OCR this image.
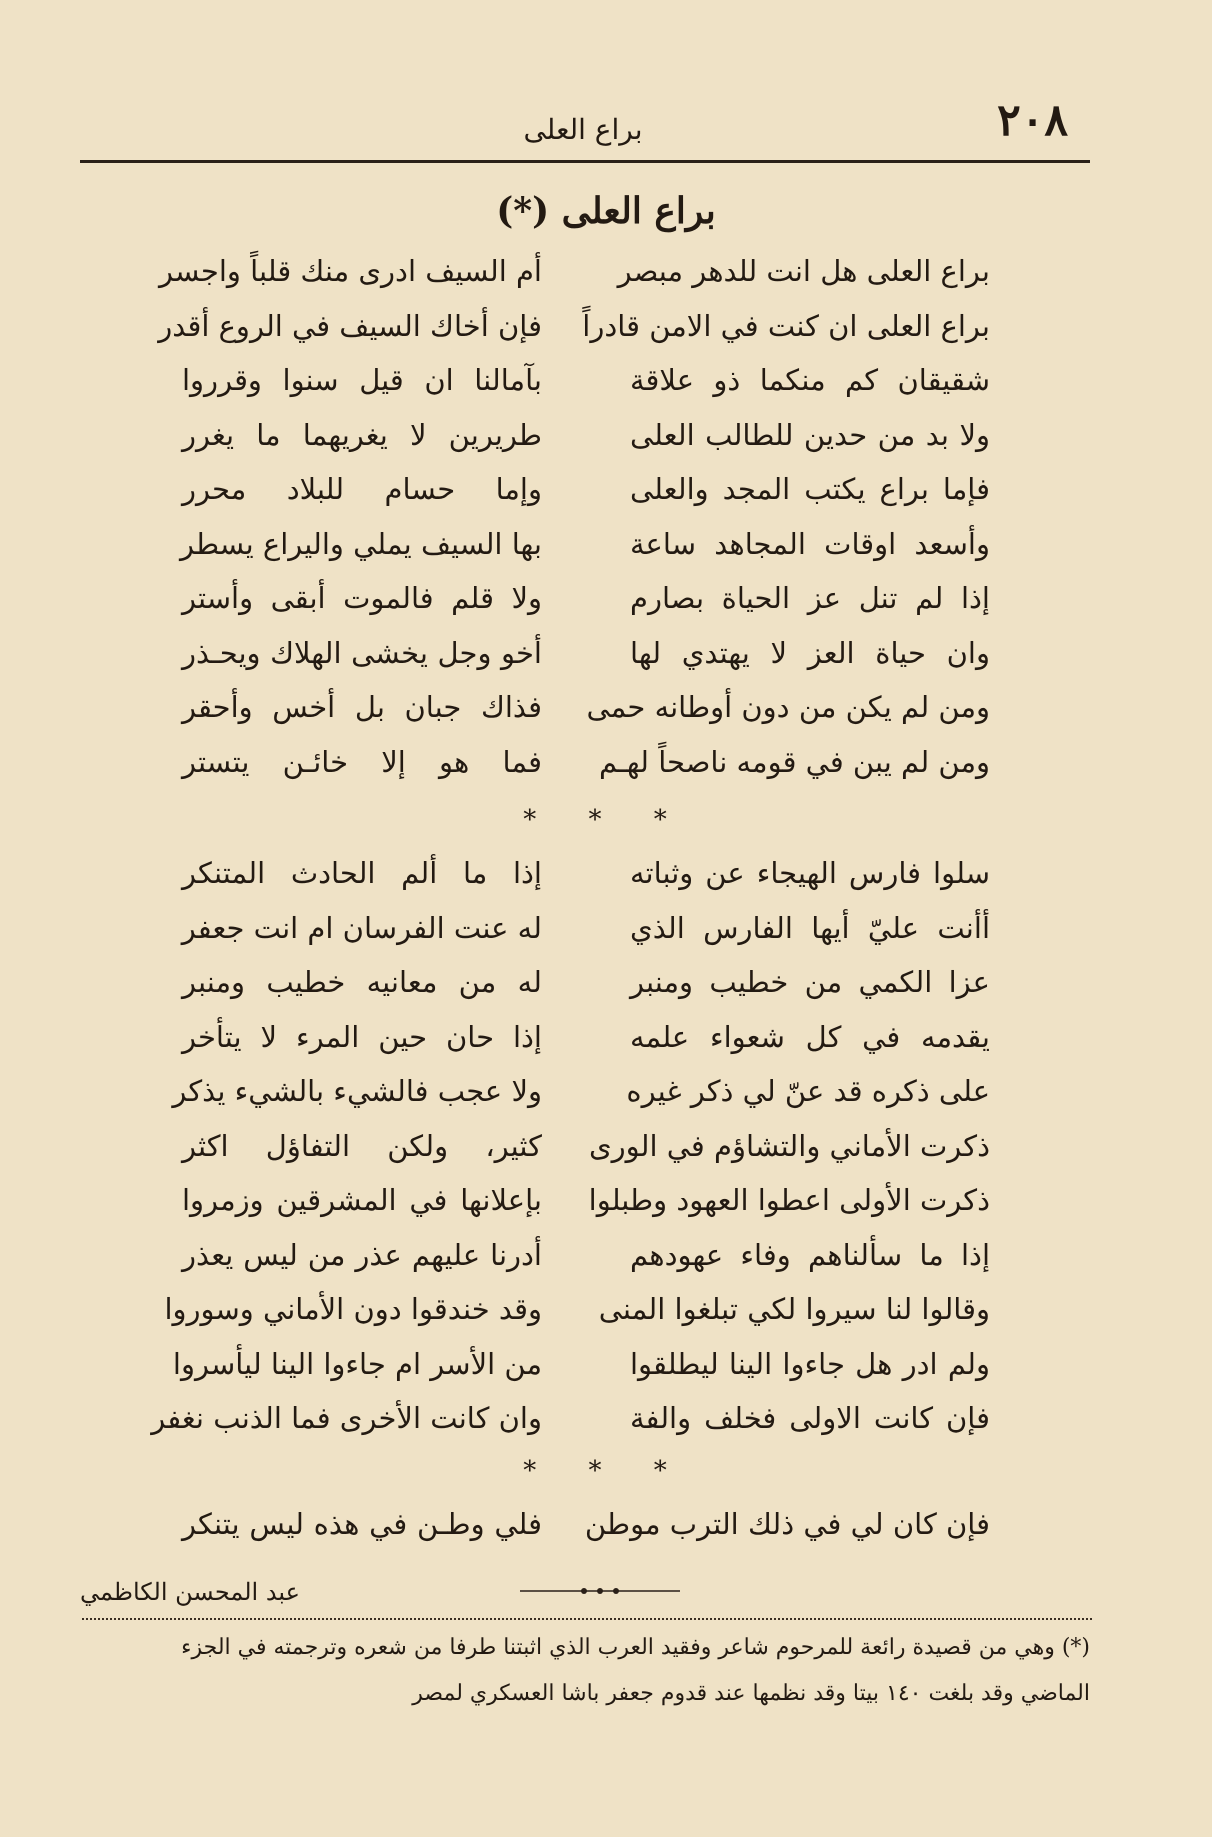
٢٠٨
براع العلى
براع العلى (*)
براع العلى هل انت للدهر مبصر
أم السيف ادرى منك قلباً واجسر
براع العلى ان كنت في الامن قادراً
فإن أخاك السيف في الروع أقدر
شقيقان كم منكما ذو علاقة
بآمالنا ان قيل سنوا وقرروا
ولا بد من حدين للطالب العلى
طريرين لا يغريهما ما يغرر
فإما براع يكتب المجد والعلى
وإما حسام للبلاد محرر
وأسعد اوقات المجاهد ساعة
بها السيف يملي واليراع يسطر
إذا لم تنل عز الحياة بصارم
ولا قلم فالموت أبقى وأستر
وان حياة العز لا يهتدي لها
أخو وجل يخشى الهلاك ويحـذر
ومن لم يكن من دون أوطانه حمى
فذاك جبان بل أخس وأحقر
ومن لم يبن في قومه ناصحاً لهـم
فما هو إلا خائـن يتستر
* * *
سلوا فارس الهيجاء عن وثباته
إذا ما ألم الحادث المتنكر
أأنت عليّ أيها الفارس الذي
له عنت الفرسان ام انت جعفر
عزا الكمي من خطيب ومنبر
له من معانيه خطيب ومنبر
يقدمه في كل شعواء علمه
إذا حان حين المرء لا يتأخر
على ذكره قد عنّ لي ذكر غيره
ولا عجب فالشيء بالشيء يذكر
ذكرت الأماني والتشاؤم في الورى
كثير، ولكن التفاؤل اكثر
ذكرت الأولى اعطوا العهود وطبلوا
بإعلانها في المشرقين وزمروا
إذا ما سألناهم وفاء عهودهم
أدرنا عليهم عذر من ليس يعذر
وقالوا لنا سيروا لكي تبلغوا المنى
وقد خندقوا دون الأماني وسوروا
ولم ادر هل جاءوا الينا ليطلقوا
من الأسر ام جاءوا الينا ليأسروا
فإن كانت الاولى فخلف والفة
وان كانت الأخرى فما الذنب نغفر
* * *
فإن كان لي في ذلك الترب موطن
فلي وطـن في هذه ليس يتنكر
عبد المحسن الكاظمي
(*) وهي من قصيدة رائعة للمرحوم شاعر وفقيد العرب الذي اثبتنا طرفا من شعره وترجمته في الجزء
الماضي وقد بلغت ١٤٠ بيتا وقد نظمها عند قدوم جعفر باشا العسكري لمصر
